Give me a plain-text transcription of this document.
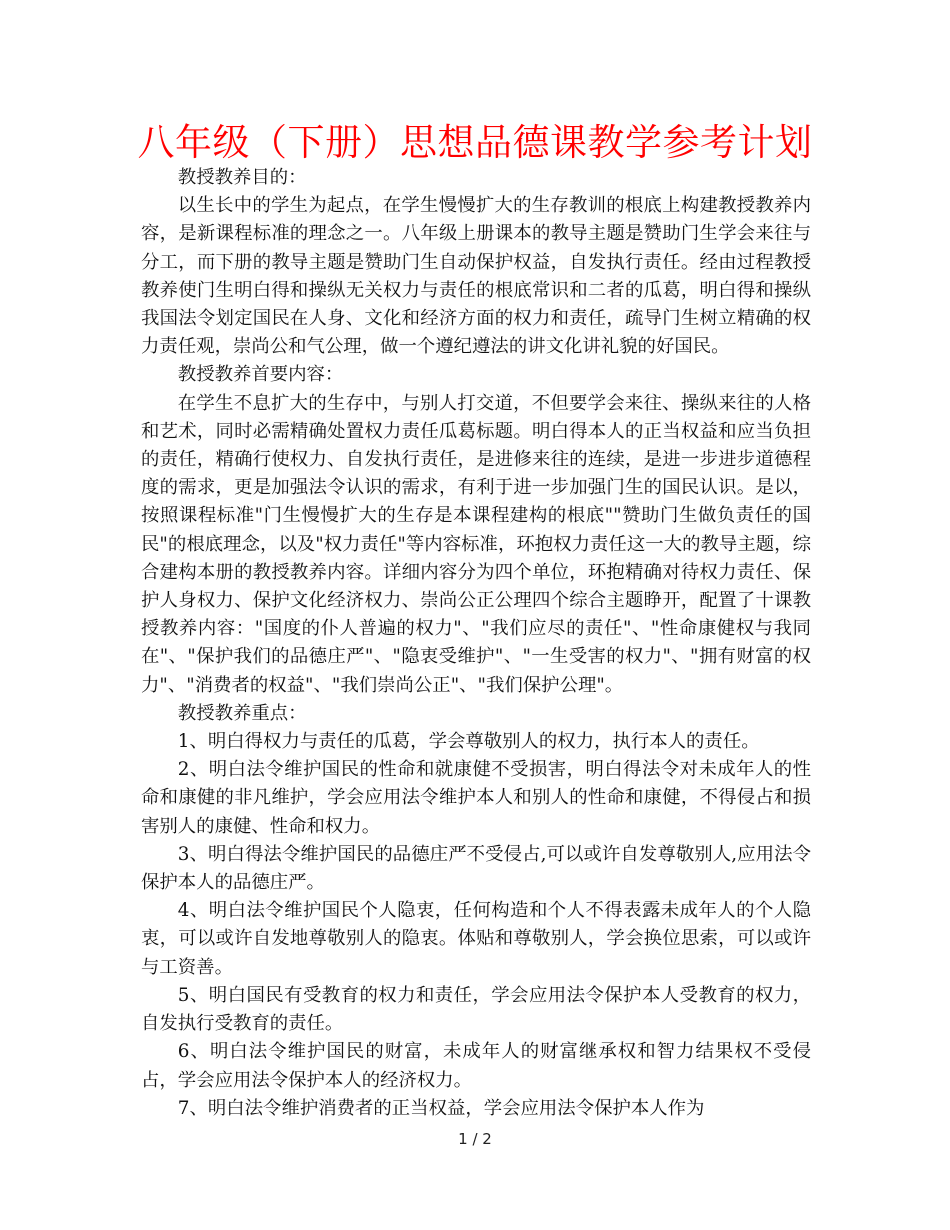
八年级（下册）思想品德课教学参考计划

教授教养目的：

以生长中的学生为起点，在学生慢慢扩大的生存教训的根底上构建教授教养内容，是新课程标准的理念之一。八年级上册课本的教导主题是赞助门生学会来往与分工，而下册的教导主题是赞助门生自动保护权益，自发执行责任。经由过程教授教养使门生明白得和操纵无关权力与责任的根底常识和二者的瓜葛，明白得和操纵我国法令划定国民在人身、文化和经济方面的权力和责任，疏导门生树立精确的权力责任观，崇尚公和气公理，做一个遵纪遵法的讲文化讲礼貌的好国民。

教授教养首要内容：

在学生不息扩大的生存中，与别人打交道，不但要学会来往、操纵来往的人格和艺术，同时必需精确处置权力责任瓜葛标题。明白得本人的正当权益和应当负担的责任，精确行使权力、自发执行责任，是进修来往的连续，是进一步进步道德程度的需求，更是加强法令认识的需求，有利于进一步加强门生的国民认识。是以，按照课程标准"门生慢慢扩大的生存是本课程建构的根底""赞助门生做负责任的国民"的根底理念，以及"权力责任"等内容标准，环抱权力责任这一大的教导主题，综合建构本册的教授教养内容。详细内容分为四个单位，环抱精确对待权力责任、保护人身权力、保护文化经济权力、崇尚公正公理四个综合主题睁开，配置了十课教授教养内容："国度的仆人普遍的权力"、"我们应尽的责任"、"性命康健权与我同在"、"保护我们的品德庄严"、"隐衷受维护"、"一生受害的权力"、"拥有财富的权力"、"消费者的权益"、"我们崇尚公正"、"我们保护公理"。

教授教养重点：

1、明白得权力与责任的瓜葛，学会尊敬别人的权力，执行本人的责任。

2、明白法令维护国民的性命和就康健不受损害，明白得法令对未成年人的性命和康健的非凡维护，学会应用法令维护本人和别人的性命和康健，不得侵占和损害别人的康健、性命和权力。

3、明白得法令维护国民的品德庄严不受侵占,可以或许自发尊敬别人,应用法令保护本人的品德庄严。

4、明白法令维护国民个人隐衷，任何构造和个人不得表露未成年人的个人隐衷，可以或许自发地尊敬别人的隐衷。体贴和尊敬别人，学会换位思索，可以或许与工资善。

5、明白国民有受教育的权力和责任，学会应用法令保护本人受教育的权力，自发执行受教育的责任。

6、明白法令维护国民的财富，未成年人的财富继承权和智力结果权不受侵占，学会应用法令保护本人的经济权力。

7、明白法令维护消费者的正当权益，学会应用法令保护本人作为

1 / 2
